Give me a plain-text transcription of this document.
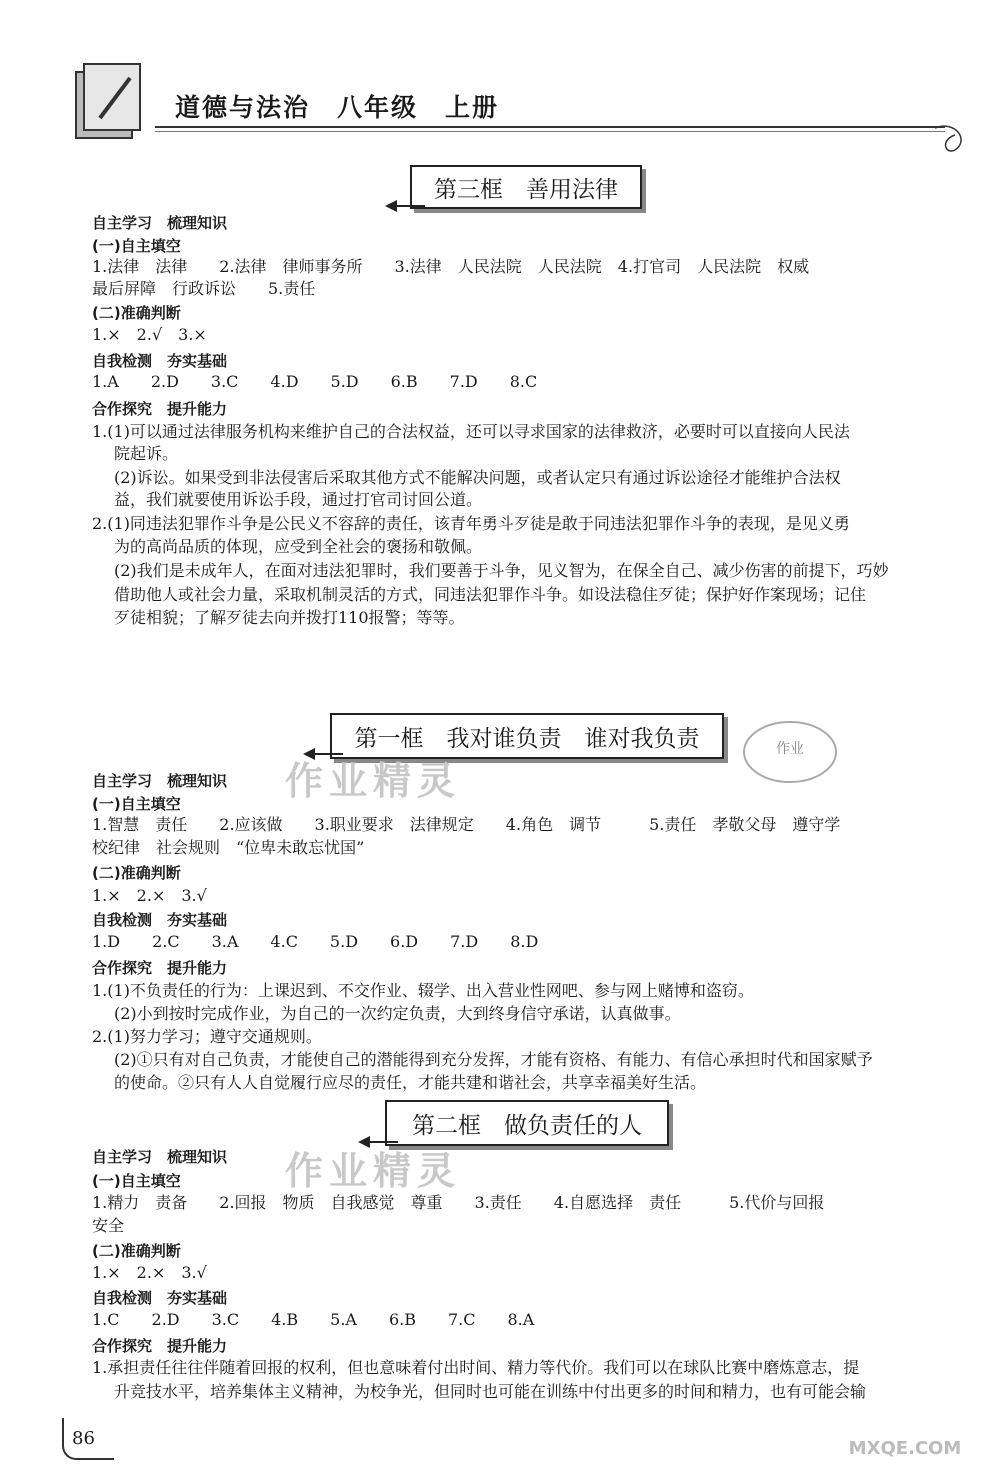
道德与法治　八年级　上册
第三框　善用法律
自主学习　梳理知识
(一)自主填空
1.法律　法律　　2.法律　律师事务所　　3.法律　人民法院　人民法院　4.打官司　人民法院　权威
最后屏障　行政诉讼　　5.责任
(二)准确判断
1.×　2.√　3.×
自我检测　夯实基础
1.A　　2.D　　3.C　　4.D　　5.D　　6.B　　7.D　　8.C
合作探究　提升能力
1.(1)可以通过法律服务机构来维护自己的合法权益，还可以寻求国家的法律救济，必要时可以直接向人民法
院起诉。
(2)诉讼。如果受到非法侵害后采取其他方式不能解决问题，或者认定只有通过诉讼途径才能维护合法权
益，我们就要使用诉讼手段，通过打官司讨回公道。
2.(1)同违法犯罪作斗争是公民义不容辞的责任，该青年勇斗歹徒是敢于同违法犯罪作斗争的表现，是见义勇
为的高尚品质的体现，应受到全社会的褒扬和敬佩。
(2)我们是未成年人，在面对违法犯罪时，我们要善于斗争，见义智为，在保全自己、减少伤害的前提下，巧妙
借助他人或社会力量，采取机制灵活的方式，同违法犯罪作斗争。如设法稳住歹徒；保护好作案现场；记住
歹徒相貌；了解歹徒去向并拨打110报警；等等。
第一框　我对谁负责　谁对我负责
作业精灵
作业
自主学习　梳理知识
(一)自主填空
1.智慧　责任　　2.应该做　　3.职业要求　法律规定　　4.角色　调节　　　5.责任　孝敬父母　遵守学
校纪律　社会规则　“位卑未敢忘忧国”
(二)准确判断
1.×　2.×　3.√
自我检测　夯实基础
1.D　　2.C　　3.A　　4.C　　5.D　　6.D　　7.D　　8.D
合作探究　提升能力
1.(1)不负责任的行为：上课迟到、不交作业、辍学、出入营业性网吧、参与网上赌博和盗窃。
(2)小到按时完成作业，为自己的一次约定负责，大到终身信守承诺，认真做事。
2.(1)努力学习；遵守交通规则。
(2)①只有对自己负责，才能使自己的潜能得到充分发挥，才能有资格、有能力、有信心承担时代和国家赋予
的使命。②只有人人自觉履行应尽的责任，才能共建和谐社会，共享幸福美好生活。
第二框　做负责任的人
作业精灵
自主学习　梳理知识
(一)自主填空
1.精力　责备　　2.回报　物质　自我感觉　尊重　　3.责任　　4.自愿选择　责任　　　5.代价与回报
安全
(二)准确判断
1.×　2.×　3.√
自我检测　夯实基础
1.C　　2.D　　3.C　　4.B　　5.A　　6.B　　7.C　　8.A
合作探究　提升能力
1.承担责任往往伴随着回报的权利，但也意味着付出时间、精力等代价。我们可以在球队比赛中磨炼意志，提
升竞技水平，培养集体主义精神，为校争光，但同时也可能在训练中付出更多的时间和精力，也有可能会输
86	MXQE.COM
